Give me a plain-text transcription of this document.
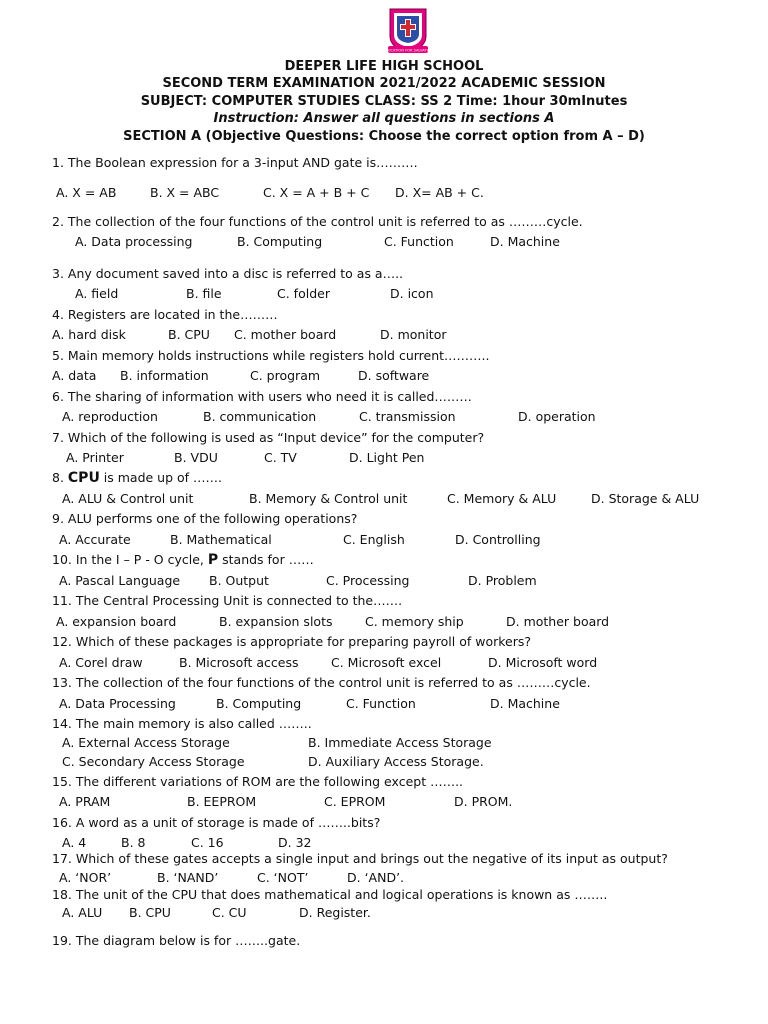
EDUCATION FOR SALVATION
DEEPER LIFE HIGH SCHOOL
SECOND TERM EXAMINATION 2021/2022 ACADEMIC SESSION
SUBJECT: COMPUTER STUDIES CLASS: SS 2 Time: 1hour 30mInutes
Instruction: Answer all questions in sections A
SECTION A (Objective Questions: Choose the correct option from A – D)
1. The Boolean expression for a 3-input AND gate is……….
A. X = AB	B. X = ABC	C. X = A + B + C D. X= AB + C.
2. The collection of the four functions of the control unit is referred to as ………cycle.
A. Data processing	B. Computing	C. Function	D. Machine
3. Any document saved into a disc is referred to as a…..
A. field	B. file	C. folder	D. icon
4. Registers are located in the………
A. hard disk	B. CPU C. mother board	D. monitor
5. Main memory holds instructions while registers hold current………..
A. data B. information	C. program	D. software
6. The sharing of information with users who need it is called………
A. reproduction	B. communication	C. transmission	D. operation
7. Which of the following is used as “Input device” for the computer?
A. Printer	B. VDU	C. TV	D. Light Pen
8. CPU is made up of …….
A. ALU & Control unit	B. Memory & Control unit	C. Memory & ALU	D. Storage & ALU
9. ALU performs one of the following operations?
A. Accurate	B. Mathematical	C. English	D. Controlling
10. In the I – P - O cycle, P stands for ……
A. Pascal Language B. Output	C. Processing	D. Problem
11. The Central Processing Unit is connected to the…….
A. expansion board	B. expansion slots	C. memory ship	D. mother board
12. Which of these packages is appropriate for preparing payroll of workers?
A. Corel draw	B. Microsoft access	C. Microsoft excel	D. Microsoft word
13. The collection of the four functions of the control unit is referred to as ………cycle.
A. Data Processing	B. Computing	C. Function	D. Machine
14. The main memory is also called ……..
A. External Access Storage	B. Immediate Access Storage
C. Secondary Access Storage	D. Auxiliary Access Storage.
15. The different variations of ROM are the following except ……..
A. PRAM	B. EEPROM	C. EPROM	D. PROM.
16. A word as a unit of storage is made of ……..bits?
A. 4	B. 8	C. 16	D. 32
17. Which of these gates accepts a single input and brings out the negative of its input as output?
A. ‘NOR’	B. ‘NAND’	C. ‘NOT’	D. ‘AND’.
18. The unit of the CPU that does mathematical and logical operations is known as ……..
A. ALU B. CPU	C. CU	D. Register.
19. The diagram below is for ……..gate.
